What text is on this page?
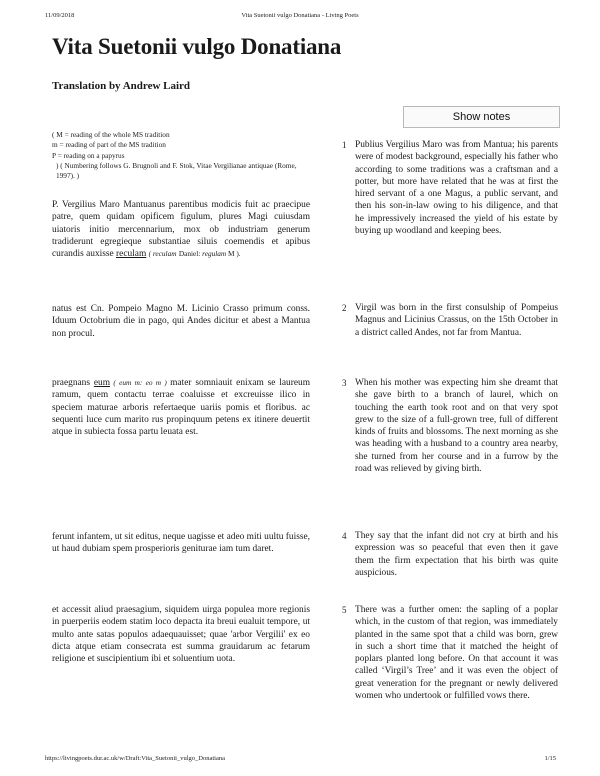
11/09/2018	Vita Suetonii vulgo Donatiana - Living Poets
Vita Suetonii vulgo Donatiana
Translation by Andrew Laird
Show notes
( M = reading of the whole MS tradition
m = reading of part of the MS tradition
P = reading on a papyrus
) ( Numbering follows G. Brugnoli and F. Stok, Vitae Vergilianae antiquae (Rome, 1997). )
P. Vergilius Maro Mantuanus parentibus modicis fuit ac praecipue patre, quem quidam opificem figulum, plures Magi cuiusdam uiatoris initio mercennarium, mox ob industriam generum tradiderunt egregieque substantiae siluis coemendis et apibus curandis auxisse reculam ( reculam Daniel: regulam M ).
natus est Cn. Pompeio Magno M. Licinio Crasso primum conss. Iduum Octobrium die in pago, qui Andes dicitur et abest a Mantua non procul.
praegnans eum ( eum m: eo m ) mater somniauit enixam se laureum ramum, quem contactu terrae coaluisse et excreuisse ilico in speciem maturae arboris refertaeque uariis pomis et floribus. ac sequenti luce cum marito rus propinquum petens ex itinere deuertit atque in subiecta fossa partu leuata est.
ferunt infantem, ut sit editus, neque uagisse et adeo miti uultu fuisse, ut haud dubiam spem prosperioris geniturae iam tum daret.
et accessit aliud praesagium, siquidem uirga populea more regionis in puerperiis eodem statim loco depacta ita breui eualuit tempore, ut multo ante satas populos adaequauisset; quae 'arbor Vergilii' ex eo dicta atque etiam consecrata est summa grauidarum ac fetarum religione et suscipientium ibi et soluentium uota.
1 Publius Vergilius Maro was from Mantua; his parents were of modest background, especially his father who according to some traditions was a craftsman and a potter, but more have related that he was at first the hired servant of a one Magus, a public servant, and then his son-in-law owing to his diligence, and that he impressively increased the yield of his estate by buying up woodland and keeping bees.
2 Virgil was born in the first consulship of Pompeius Magnus and Licinius Crassus, on the 15th October in a district called Andes, not far from Mantua.
3 When his mother was expecting him she dreamt that she gave birth to a branch of laurel, which on touching the earth took root and on that very spot grew to the size of a full-grown tree, full of different kinds of fruits and blossoms. The next morning as she was heading with a husband to a country area nearby, she turned from her course and in a furrow by the road was relieved by giving birth.
4 They say that the infant did not cry at birth and his expression was so peaceful that even then it gave them the firm expectation that his birth was quite auspicious.
5 There was a further omen: the sapling of a poplar which, in the custom of that region, was immediately planted in the same spot that a child was born, grew in such a short time that it matched the height of poplars planted long before. On that account it was called ‘Virgil’s Tree’ and it was even the object of great veneration for the pregnant or newly delivered women who undertook or fulfilled vows there.
https://livingpoets.dur.ac.uk/w/Draft:Vita_Suetonii_vulgo_Donatiana	1/15
